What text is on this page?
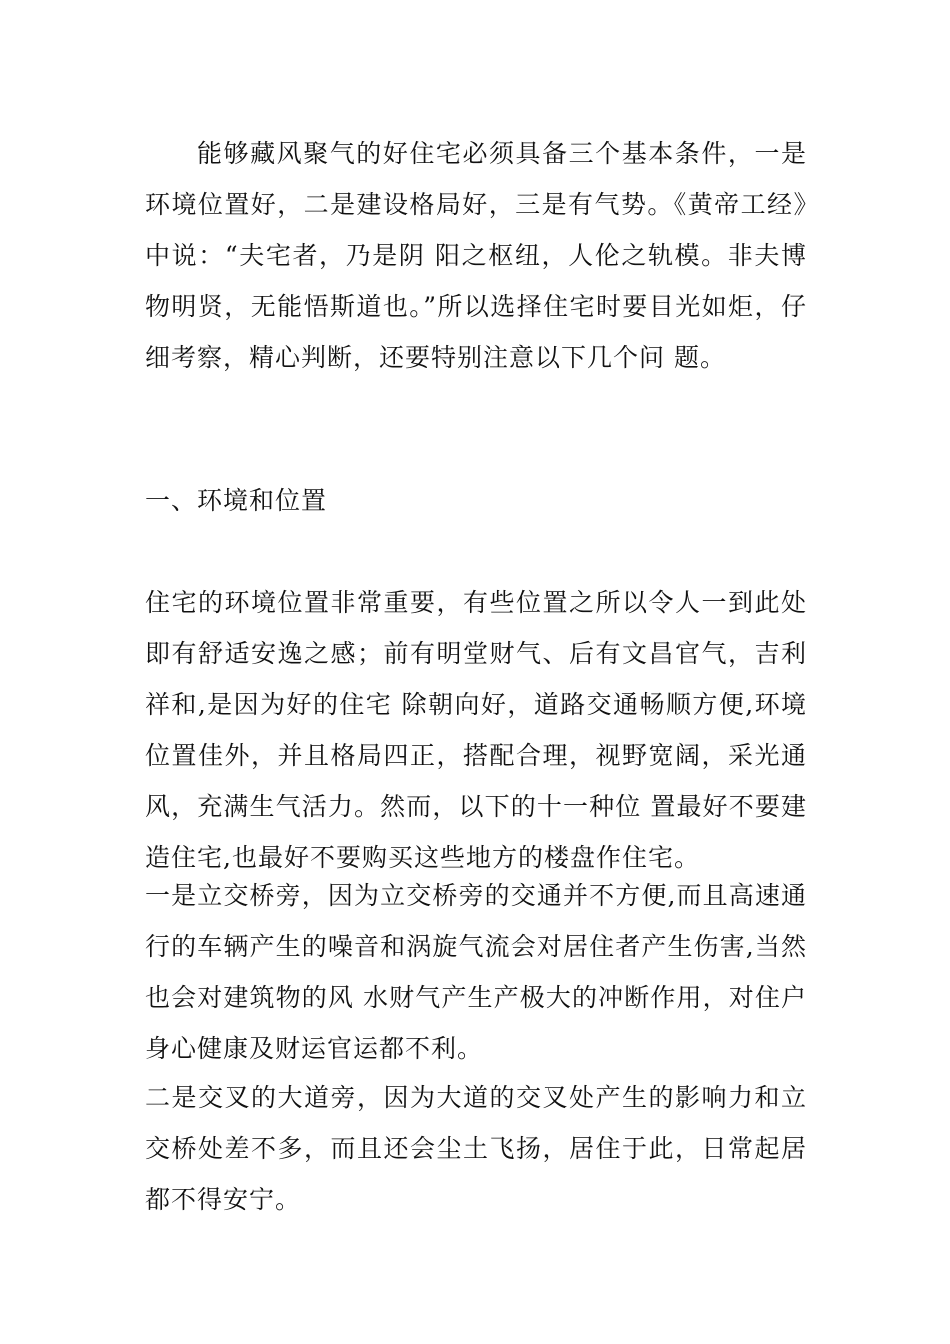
能够藏风聚气的好住宅必须具备三个基本条件，一是环境位置好，二是建设格局好，三是有气势。《黄帝工经》中说：“夫宅者，乃是阴 阳之枢纽，人伦之轨模。非夫博物明贤，无能悟斯道也。”所以选择住宅时要目光如炬，仔细考察，精心判断，还要特别注意以下几个问 题。

一、环境和位置

住宅的环境位置非常重要，有些位置之所以令人一到此处即有舒适安逸之感；前有明堂财气、后有文昌官气，吉利祥和,是因为好的住宅 除朝向好，道路交通畅顺方便,环境位置佳外，并且格局四正，搭配合理，视野宽阔，采光通风，充满生气活力。然而，以下的十一种位 置最好不要建造住宅,也最好不要购买这些地方的楼盘作住宅。

一是立交桥旁，因为立交桥旁的交通并不方便,而且高速通行的车辆产生的噪音和涡旋气流会对居住者产生伤害,当然也会对建筑物的风 水财气产生产极大的冲断作用，对住户身心健康及财运官运都不利。

二是交叉的大道旁，因为大道的交叉处产生的影响力和立交桥处差不多，而且还会尘土飞扬，居住于此，日常起居都不得安宁。
